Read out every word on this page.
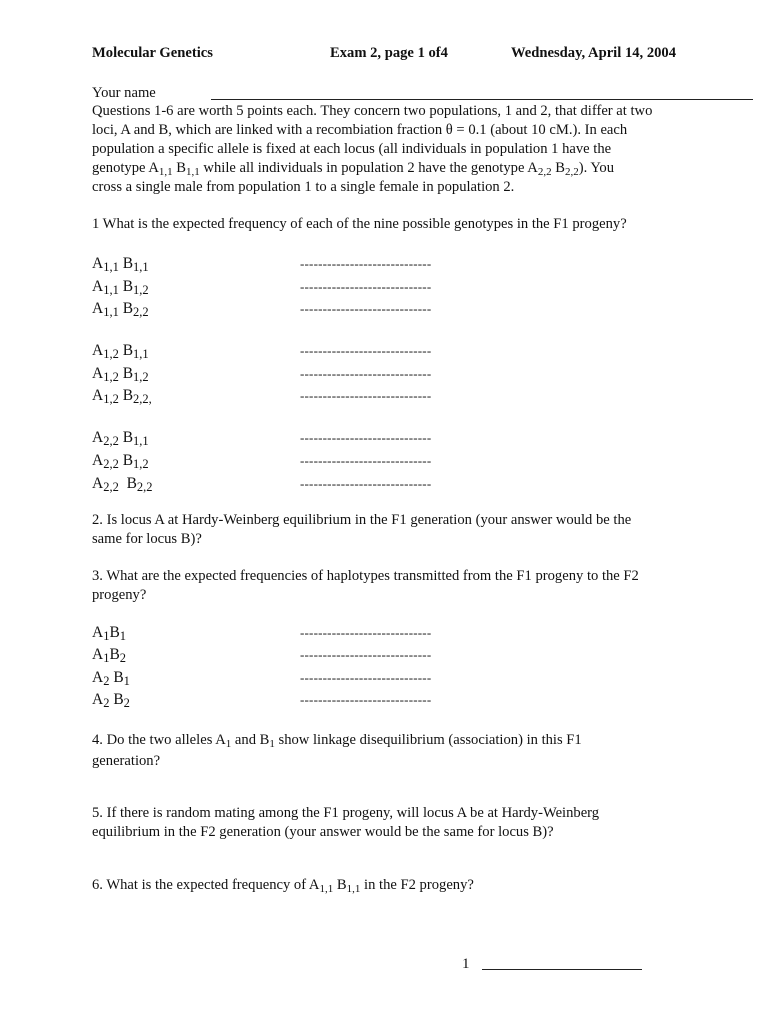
Molecular Genetics	Exam 2, page 1 of4	Wednesday, April 14, 2004
Your name

Questions 1-6 are worth 5 points each. They concern two populations, 1 and 2, that differ at two

loci, A and B, which are linked with a recombiation fraction θ = 0.1 (about 10 cM.). In each

population a specific allele is fixed at each locus (all individuals in population 1 have the

genotype $A_{1,1}$ $B_{1,1}$ while all individuals in population 2 have the genotype $A_{2,2}$ $B_{2,2}$). You

cross a single male from population 1 to a single female in population 2.

1 What is the expected frequency of each of the nine possible genotypes in the F1 progeny?

$A_{1,1}$ $B_{1,1}$	-----------------------------
$A_{1,1}$ $B_{1,2}$	-----------------------------
$A_{1,1}$ $B_{2,2}$	-----------------------------
$A_{1,2}$ $B_{1,1}$	-----------------------------
$A_{1,2}$ $B_{1,2}$	-----------------------------
$A_{1,2}$ $B_{2,2,}$	-----------------------------
$A_{2,2}$ $B_{1,1}$	-----------------------------
$A_{2,2}$ $B_{1,2}$	-----------------------------
$A_{2,2}$  $B_{2,2}$	-----------------------------

2. Is locus A at Hardy-Weinberg equilibrium in the F1 generation (your answer would be the

same for locus B)?

3. What are the expected frequencies of haplotypes transmitted from the F1 progeny to the F2

progeny?

$A_1B_1$	-----------------------------
$A_1B_2$	-----------------------------
$A_2$ $B_1$	-----------------------------
$A_2$ $B_2$	-----------------------------

4. Do the two alleles $A_1$ and $B_1$ show linkage disequilibrium (association) in this F1

generation?

5. If there is random mating among the F1 progeny, will locus A be at Hardy-Weinberg

equilibrium in the F2 generation (your answer would be the same for locus B)?

6. What is the expected frequency of $A_{1,1}$ $B_{1,1}$ in the F2 progeny?

1
